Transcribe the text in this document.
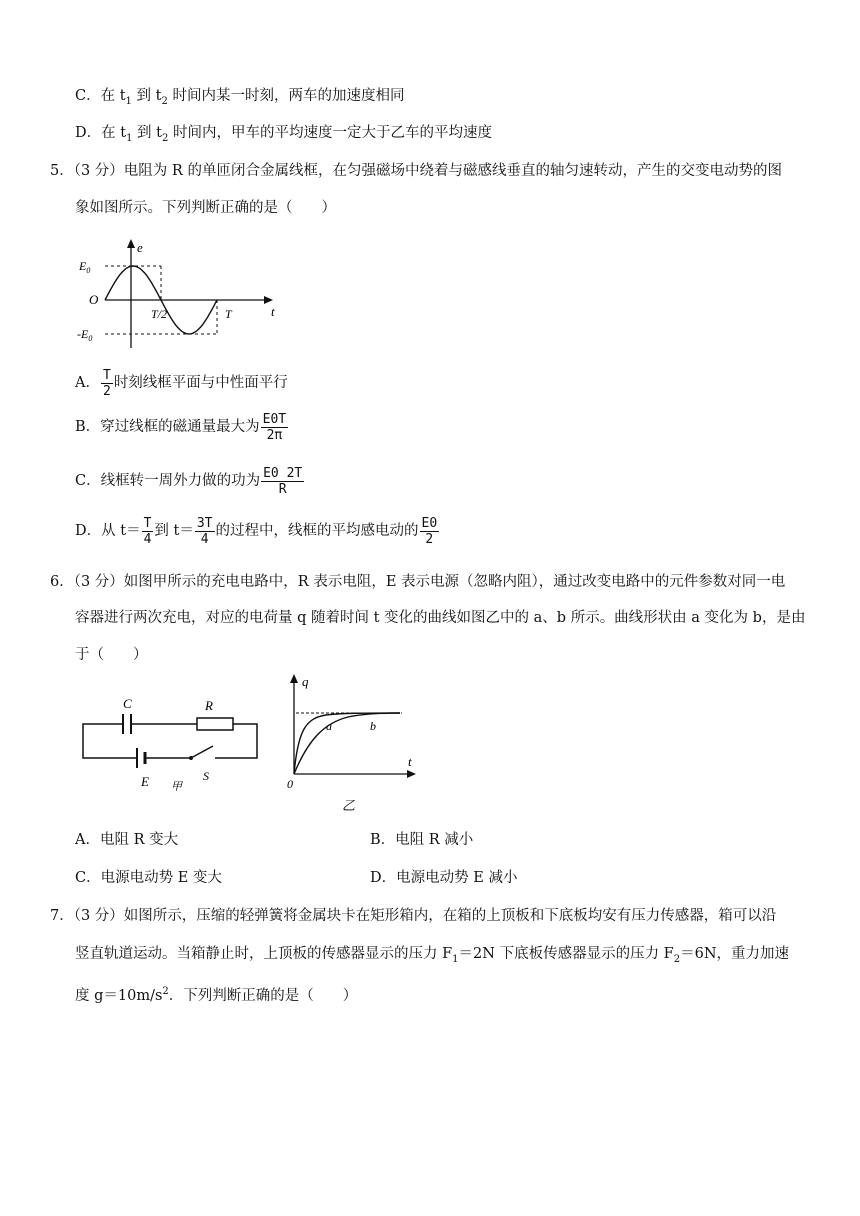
C．在 $t_1$ 到 $t_2$ 时间内某一时刻，两车的加速度相同
D．在 $t_1$ 到 $t_2$ 时间内，甲车的平均速度一定大于乙车的平均速度
5．（3 分）电阻为 R 的单匝闭合金属线框，在匀强磁场中绕着与磁感线垂直的轴匀速转动，产生的交变电动势的图
象如图所示。下列判断正确的是（　　）
e
t
$E_0$
$-E_0$
O
T/2	T
A． $\frac{T}{2}$ 时刻线框平面与中性面平行
B．穿过线框的磁通量最大为 $\frac{E0T}{2\pi}$
C．线框转一周外力做的功为 $\frac{E0 2T}{R}$
D．从 $t= \frac{T}{4}$ 到 $t= \frac{3T}{4}$ 的过程中，线框的平均感电动的 $\frac{E0}{2}$
6．（3 分）如图甲所示的充电电路中，R 表示电阻，E 表示电源（忽略内阻），通过改变电路中的元件参数对同一电
容器进行两次充电，对应的电荷量 q 随着时间 t 变化的曲线如图乙中的 a、b 所示。曲线形状由 a 变化为 b，是由
于（　　）
C	R
E	S
甲
q
t
0
a	b
乙
A．电阻 R 变大	B．电阻 R 减小
C．电源电动势 E 变大	D．电源电动势 E 减小
7．（3 分）如图所示，压缩的轻弹簧将金属块卡在矩形箱内，在箱的上顶板和下底板均安有压力传感器，箱可以沿
竖直轨道运动。当箱静止时，上顶板的传感器显示的压力 $F_1=2N$ 下底板传感器显示的压力 $F_2=6N$，重力加速
度 $g=10m/s^2$．下列判断正确的是（　　）
